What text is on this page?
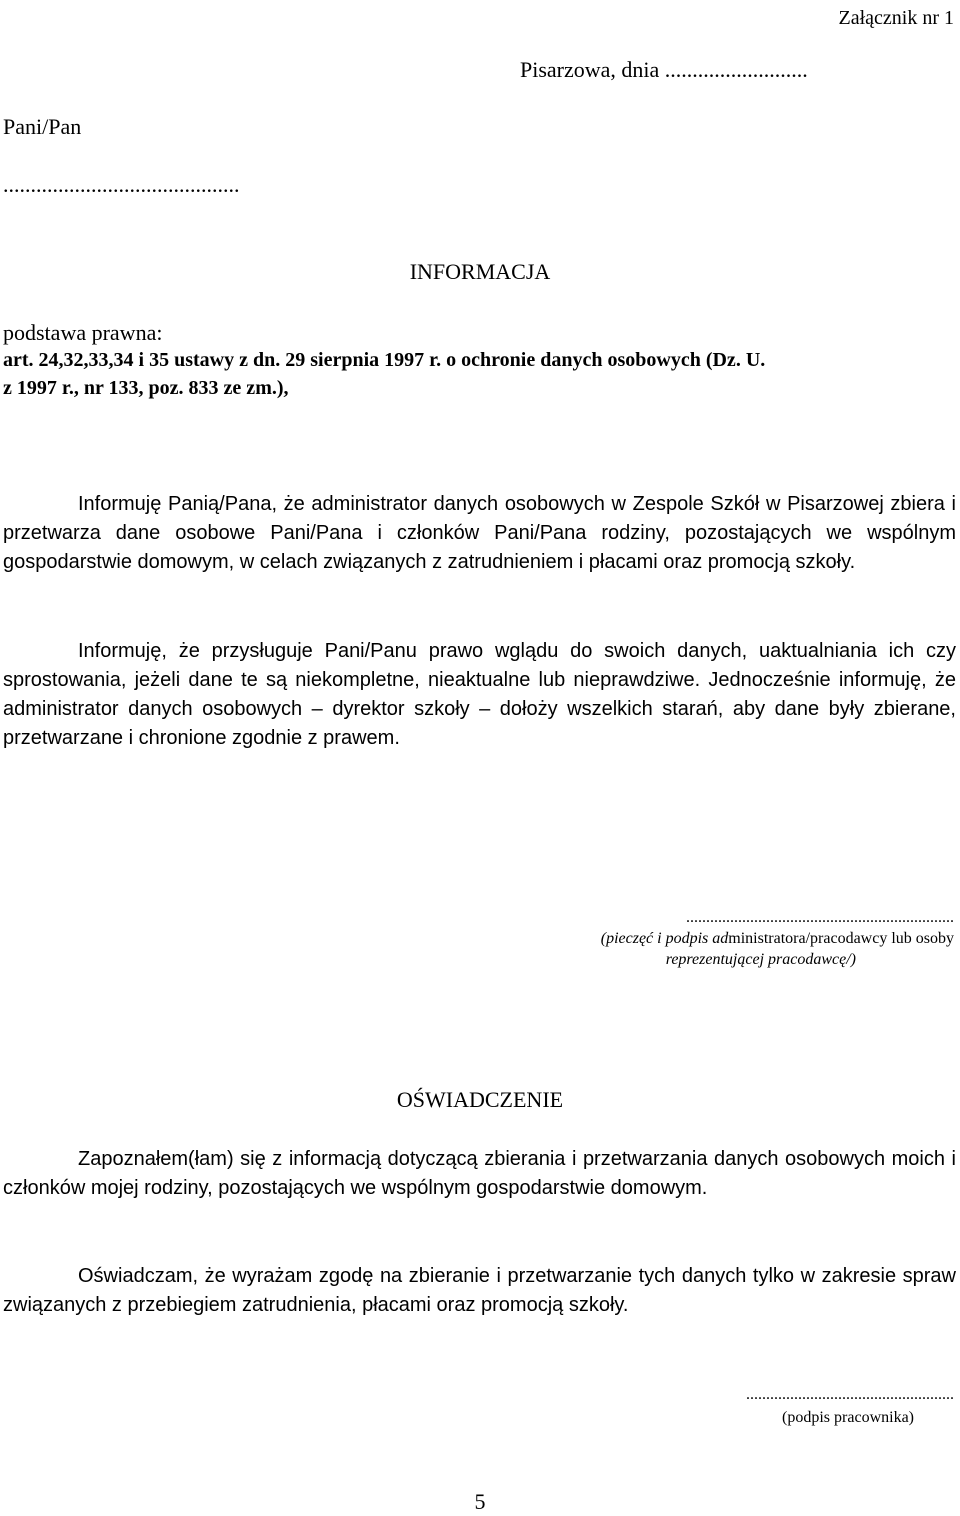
Załącznik nr 1
Pisarzowa, dnia ..........................
Pani/Pan
...........................................
INFORMACJA
podstawa prawna:
art. 24,32,33,34 i 35 ustawy z dn. 29 sierpnia 1997 r. o ochronie danych osobowych (Dz. U.
z 1997 r., nr 133, poz. 833 ze zm.),
Informuję Panią/Pana, że administrator danych osobowych w Zespole Szkół w Pisarzowej zbiera i przetwarza dane osobowe Pani/Pana i członków Pani/Pana rodziny, pozostających we wspólnym gospodarstwie domowym, w celach związanych z zatrudnieniem i płacami oraz promocją szkoły.
Informuję, że przysługuje Pani/Panu prawo wglądu do swoich danych, uaktualniania ich czy sprostowania, jeżeli dane te są niekompletne, nieaktualne lub nieprawdziwe. Jednocześnie informuję, że administrator danych osobowych – dyrektor szkoły – dołoży wszelkich starań, aby dane były zbierane, przetwarzane i chronione zgodnie z prawem.
...................................................................
(pieczęć i podpis administratora/pracodawcy lub osoby
reprezentującej pracodawcę/)
OŚWIADCZENIE
Zapoznałem(łam) się z informacją dotyczącą zbierania i przetwarzania danych osobowych moich i członków mojej rodziny, pozostających we wspólnym gospodarstwie domowym.
Oświadczam, że wyrażam zgodę na zbieranie i przetwarzanie tych danych tylko w zakresie spraw związanych z przebiegiem zatrudnienia, płacami oraz promocją szkoły.
....................................................
(podpis pracownika)
5
